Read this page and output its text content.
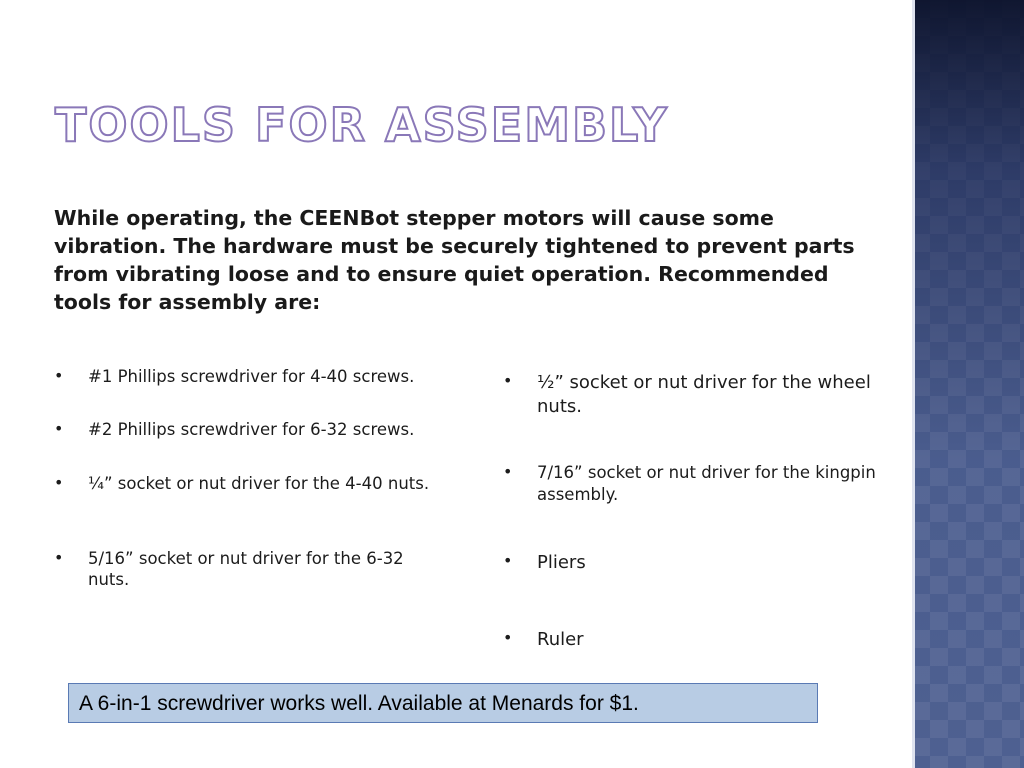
TOOLS FOR ASSEMBLY
While operating, the CEENBot stepper motors will cause some vibration. The hardware must be securely tightened to prevent parts from vibrating loose and to ensure quiet operation. Recommended tools for assembly are:
• #1 Phillips screwdriver for 4-40 screws.
• #2 Phillips screwdriver for 6-32 screws.
• ¼” socket or nut driver for the 4-40 nuts.
• 5/16” socket or nut driver for the 6-32 nuts.
• ½” socket or nut driver for the wheel nuts.
• 7/16” socket or nut driver for the kingpin assembly.
• Pliers
• Ruler
A 6-in-1 screwdriver works well. Available at Menards for $1.
